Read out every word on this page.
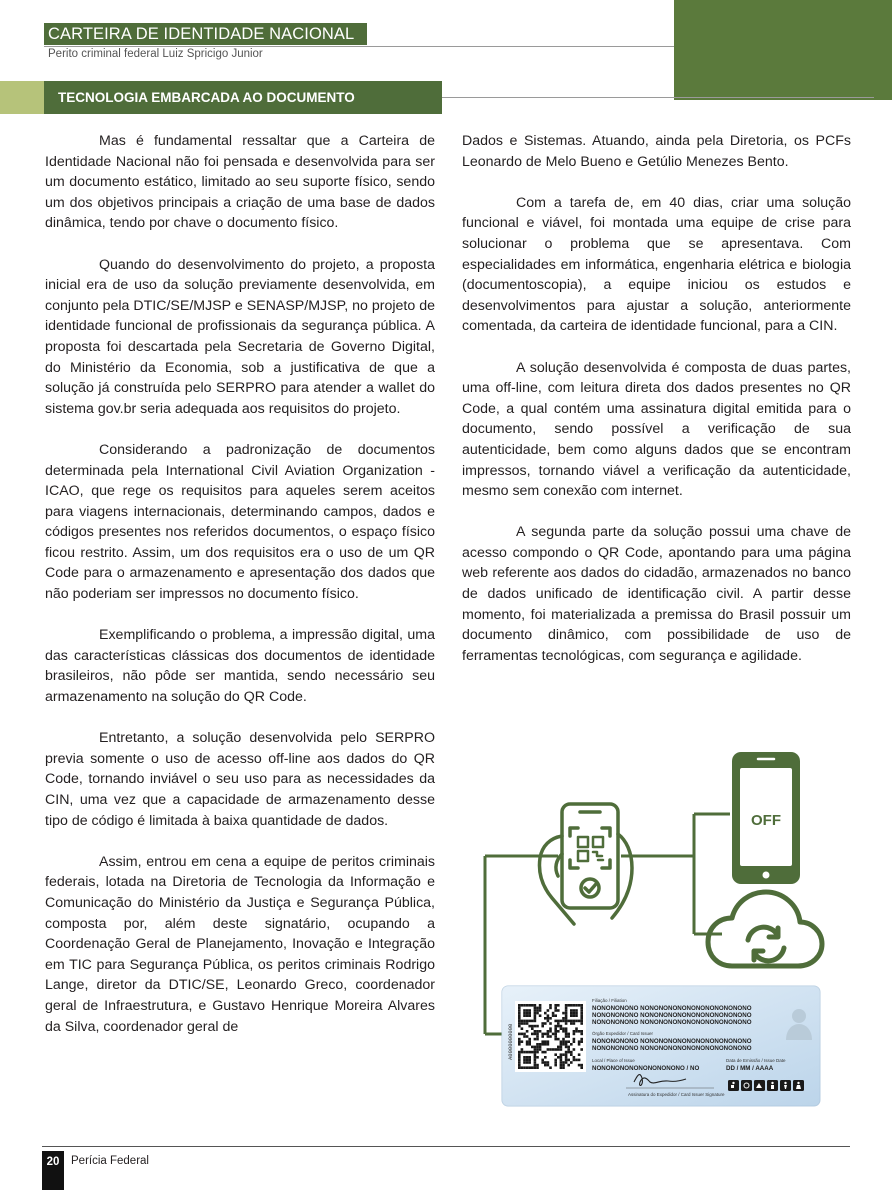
CARTEIRA DE IDENTIDADE NACIONAL
Perito criminal federal Luiz Spricigo Junior
TECNOLOGIA EMBARCADA AO DOCUMENTO

Mas é fundamental ressaltar que a Carteira de Identidade Nacional não foi pensada e desenvolvida para ser um documento estático, limitado ao seu suporte físico, sendo um dos objetivos principais a criação de uma base de dados dinâmica, tendo por chave o documento físico.

Quando do desenvolvimento do projeto, a proposta inicial era de uso da solução previamente desenvolvida, em conjunto pela DTIC/SE/MJSP e SENASP/MJSP, no projeto de identidade funcional de profissionais da segurança pública. A proposta foi descartada pela Secretaria de Governo Digital, do Ministério da Economia, sob a justificativa de que a solução já construída pelo SERPRO para atender a wallet do sistema gov.br seria adequada aos requisitos do projeto.

Considerando a padronização de documentos determinada pela International Civil Aviation Organization - ICAO, que rege os requisitos para aqueles serem aceitos para viagens internacionais, determinando campos, dados e códigos presentes nos referidos documentos, o espaço físico ficou restrito. Assim, um dos requisitos era o uso de um QR Code para o armazenamento e apresentação dos dados que não poderiam ser impressos no documento físico.

Exemplificando o problema, a impressão digital, uma das características clássicas dos documentos de identidade brasileiros, não pôde ser mantida, sendo necessário seu armazenamento na solução do QR Code.

Entretanto, a solução desenvolvida pelo SERPRO previa somente o uso de acesso off-line aos dados do QR Code, tornando inviável o seu uso para as necessidades da CIN, uma vez que a capacidade de armazenamento desse tipo de código é limitada à baixa quantidade de dados.

Assim, entrou em cena a equipe de peritos criminais federais, lotada na Diretoria de Tecnologia da Informação e Comunicação do Ministério da Justiça e Segurança Pública, composta por, além deste signatário, ocupando a Coordenação Geral de Planejamento, Inovação e Integração em TIC para Segurança Pública, os peritos criminais Rodrigo Lange, diretor da DTIC/SE, Leonardo Greco, coordenador geral de Infraestrutura, e Gustavo Henrique Moreira Alvares da Silva, coordenador geral de

Dados e Sistemas. Atuando, ainda pela Diretoria, os PCFs Leonardo de Melo Bueno e Getúlio Menezes Bento.

Com a tarefa de, em 40 dias, criar uma solução funcional e viável, foi montada uma equipe de crise para solucionar o problema que se apresentava. Com especialidades em informática, engenharia elétrica e biologia (documentoscopia), a equipe iniciou os estudos e desenvolvimentos para ajustar a solução, anteriormente comentada, da carteira de identidade funcional, para a CIN.

A solução desenvolvida é composta de duas partes, uma off-line, com leitura direta dos dados presentes no QR Code, a qual contém uma assinatura digital emitida para o documento, sendo possível a verificação de sua autenticidade, bem como alguns dados que se encontram impressos, tornando viável a verificação da autenticidade, mesmo sem conexão com internet.

A segunda parte da solução possui uma chave de acesso compondo o QR Code, apontando para uma página web referente aos dados do cidadão, armazenados no banco de dados unificado de identificação civil. A partir desse momento, foi materializada a premissa do Brasil possuir um documento dinâmico, com possibilidade de uso de ferramentas tecnológicas, com segurança e agilidade.

OFF
A0000000000
Filiação / Filiation
NONONONONO NONONONONONONONONONONONO
NONONONONO NONONONONONONONONONONONO
NONONONONO NONONONONONONONONONONONO
Órgão Expedidor / Card Issuer
NONONONONO NONONONONONONONONONONONO
NONONONONO NONONONONONONONONONONONO
Local / Place of Issue
NONONONONONONONONONO / NO
Data de Emissão / Issue Date
DD / MM / AAAA
Assinatura do Expedidor / Card Issuer Signature
20	Perícia Federal
